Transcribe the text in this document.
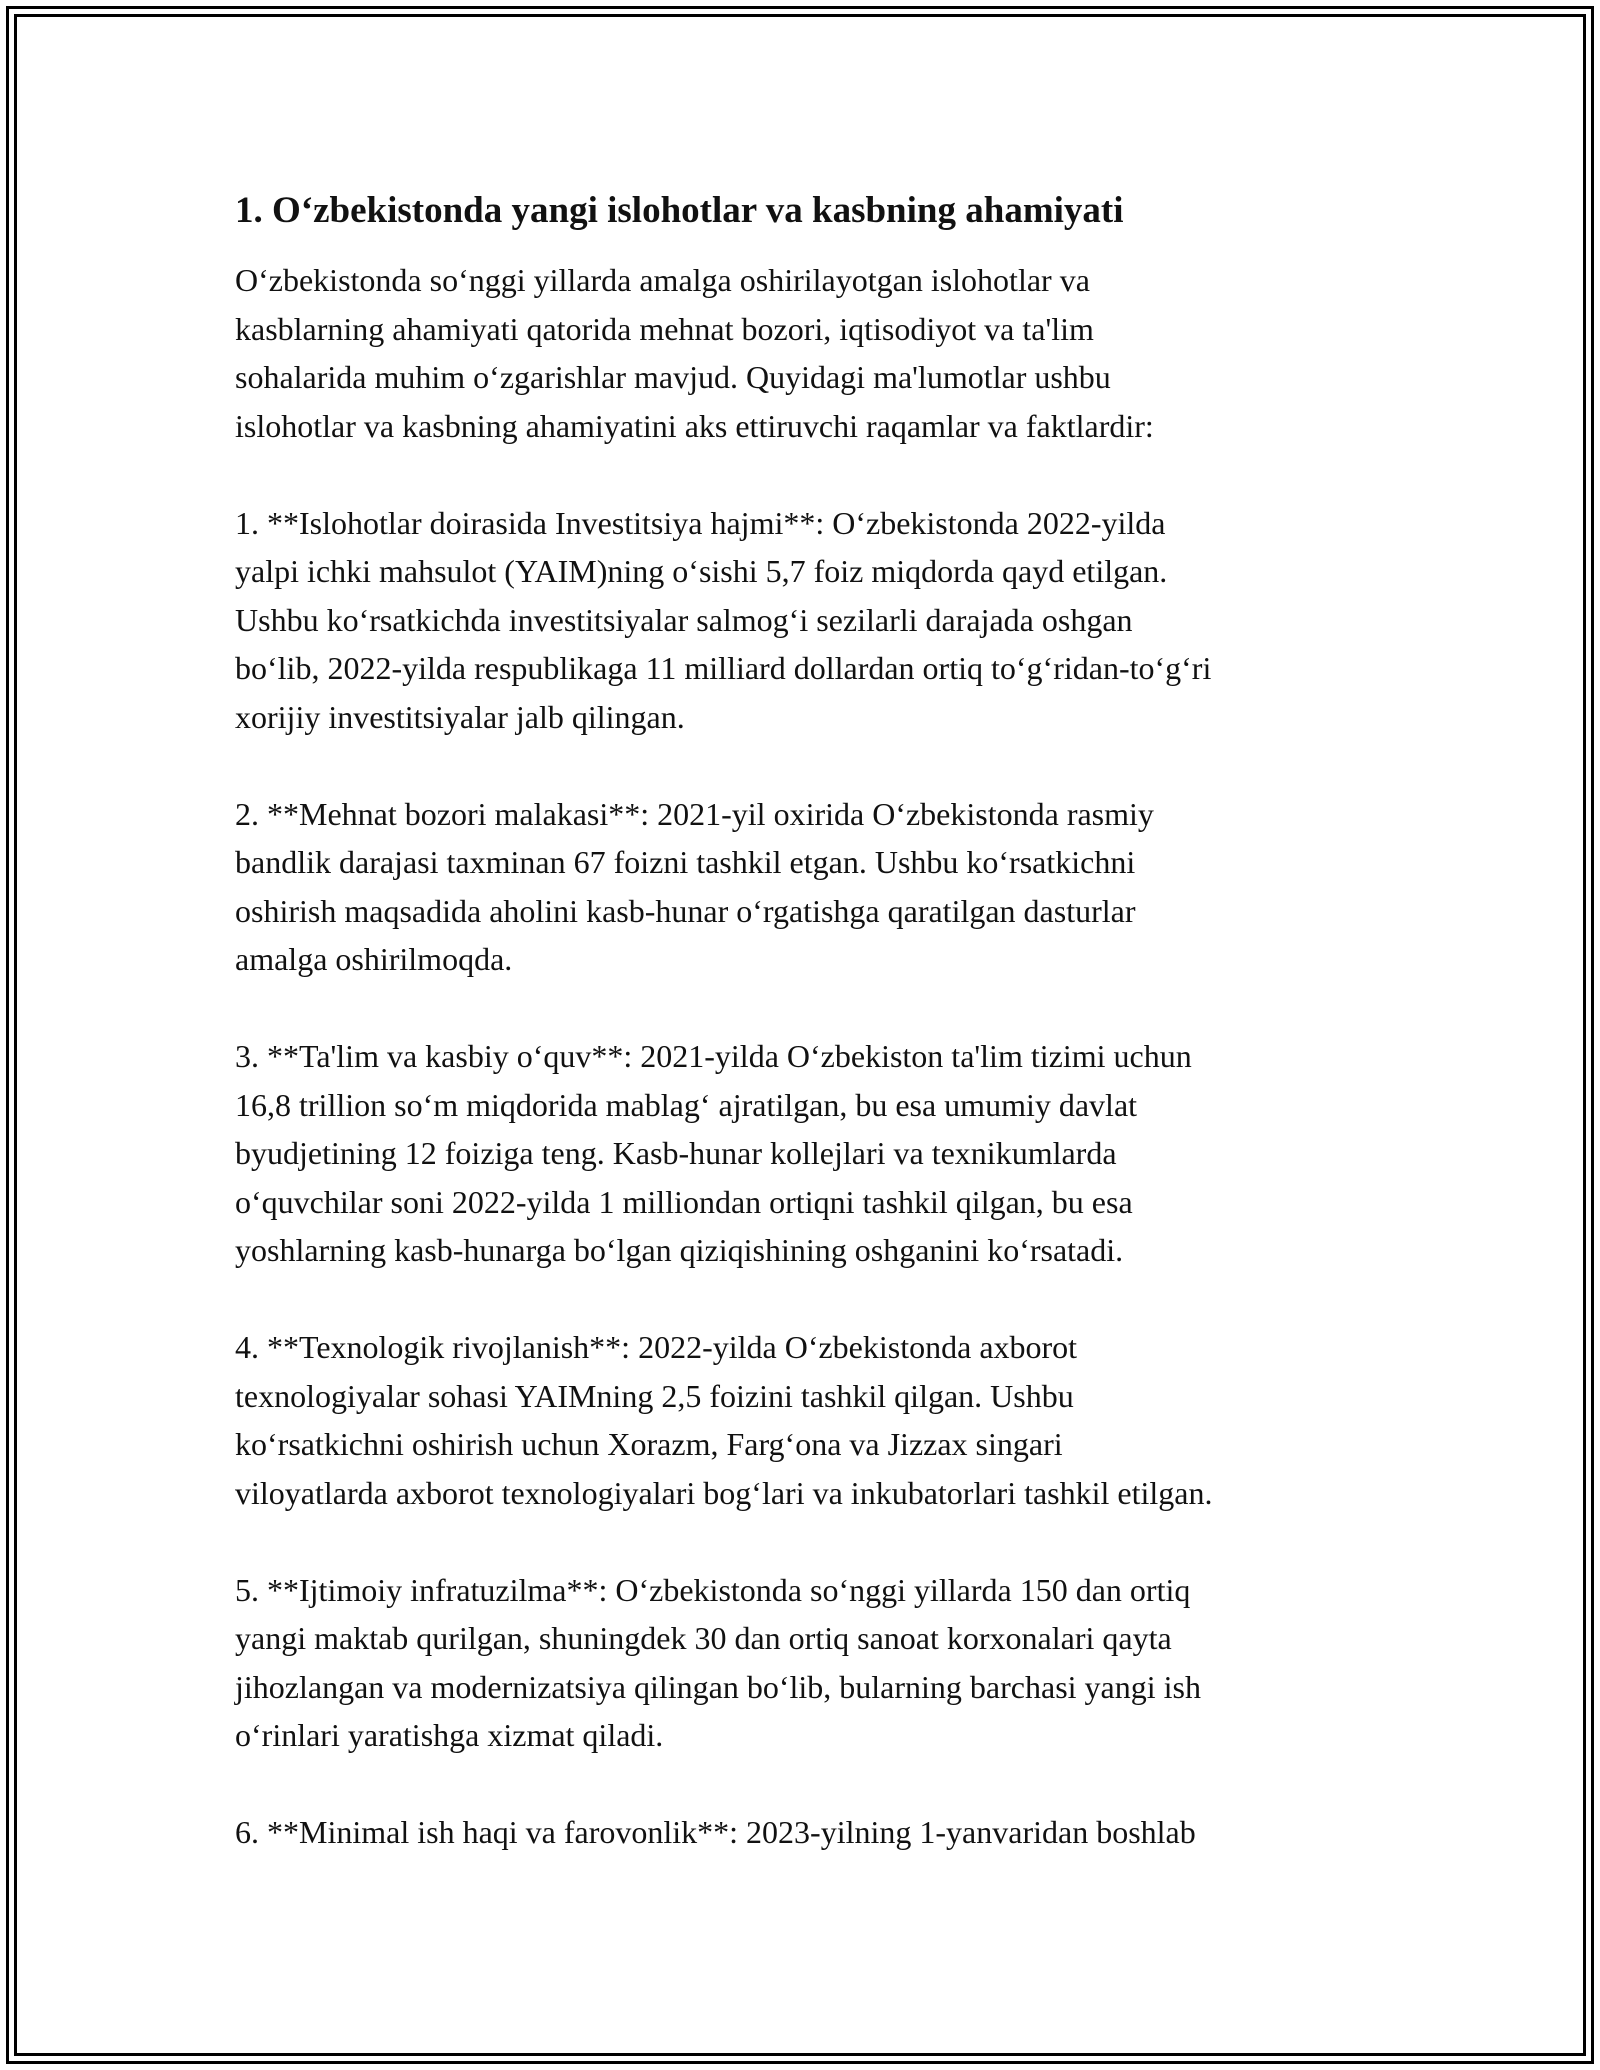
1. O‘zbekistonda yangi islohotlar va kasbning ahamiyati

O‘zbekistonda so‘nggi yillarda amalga oshirilayotgan islohotlar va
kasblarning ahamiyati qatorida mehnat bozori, iqtisodiyot va ta'lim
sohalarida muhim o‘zgarishlar mavjud. Quyidagi ma'lumotlar ushbu
islohotlar va kasbning ahamiyatini aks ettiruvchi raqamlar va faktlardir:

1. **Islohotlar doirasida Investitsiya hajmi**: O‘zbekistonda 2022-yilda
yalpi ichki mahsulot (YAIM)ning o‘sishi 5,7 foiz miqdorda qayd etilgan.
Ushbu ko‘rsatkichda investitsiyalar salmog‘i sezilarli darajada oshgan
bo‘lib, 2022-yilda respublikaga 11 milliard dollardan ortiq to‘g‘ridan-to‘g‘ri
xorijiy investitsiyalar jalb qilingan.

2. **Mehnat bozori malakasi**: 2021-yil oxirida O‘zbekistonda rasmiy
bandlik darajasi taxminan 67 foizni tashkil etgan. Ushbu ko‘rsatkichni
oshirish maqsadida aholini kasb-hunar o‘rgatishga qaratilgan dasturlar
amalga oshirilmoqda.

3. **Ta'lim va kasbiy o‘quv**: 2021-yilda O‘zbekiston ta'lim tizimi uchun
16,8 trillion so‘m miqdorida mablag‘ ajratilgan, bu esa umumiy davlat
byudjetining 12 foiziga teng. Kasb-hunar kollejlari va texnikumlarda
o‘quvchilar soni 2022-yilda 1 milliondan ortiqni tashkil qilgan, bu esa
yoshlarning kasb-hunarga bo‘lgan qiziqishining oshganini ko‘rsatadi.

4. **Texnologik rivojlanish**: 2022-yilda O‘zbekistonda axborot
texnologiyalar sohasi YAIMning 2,5 foizini tashkil qilgan. Ushbu
ko‘rsatkichni oshirish uchun Xorazm, Farg‘ona va Jizzax singari
viloyatlarda axborot texnologiyalari bog‘lari va inkubatorlari tashkil etilgan.

5. **Ijtimoiy infratuzilma**: O‘zbekistonda so‘nggi yillarda 150 dan ortiq
yangi maktab qurilgan, shuningdek 30 dan ortiq sanoat korxonalari qayta
jihozlangan va modernizatsiya qilingan bo‘lib, bularning barchasi yangi ish
o‘rinlari yaratishga xizmat qiladi.

6. **Minimal ish haqi va farovonlik**: 2023-yilning 1-yanvaridan boshlab
